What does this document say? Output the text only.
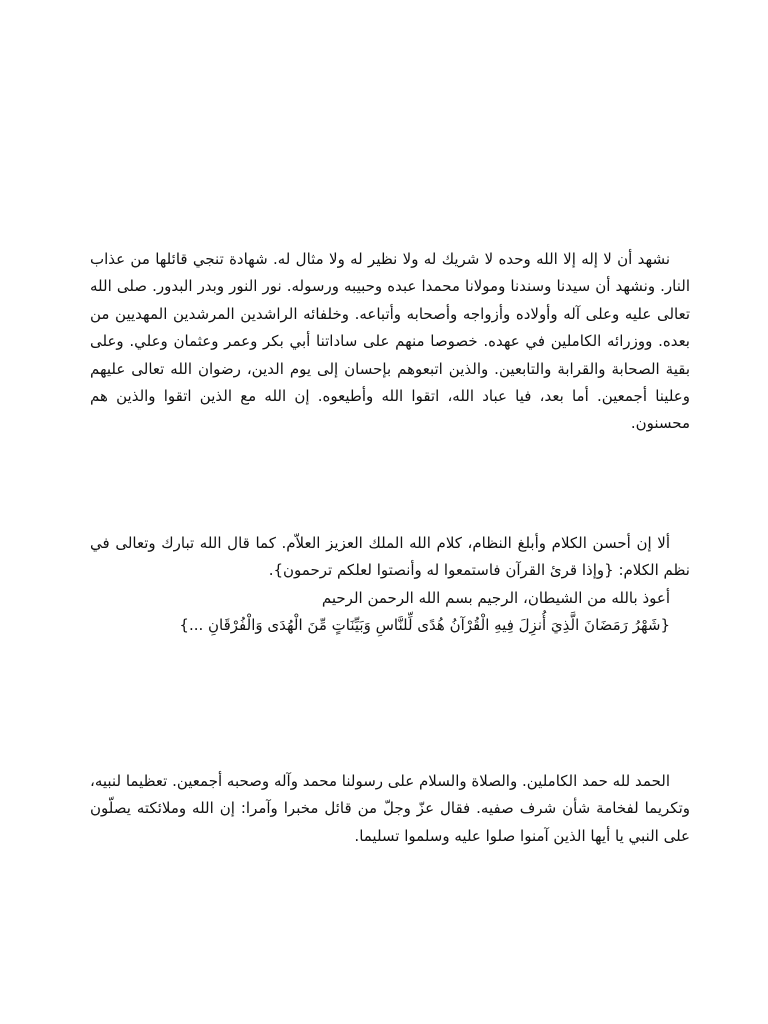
نشهد أن لا إله إلا الله وحده لا شريك له ولا نظير له ولا مثال له. شهادة تنجي قائلها من عذاب النار. ونشهد أن سيدنا وسندنا ومولانا محمدا عبده وحبيبه ورسوله. نور النور وبدر البدور. صلى الله تعالى عليه وعلى آله وأولاده وأزواجه وأصحابه وأتباعه. وخلفائه الراشدين المرشدين المهديين من بعده. ووزرائه الكاملين في عهده. خصوصا منهم على ساداتنا أبي بكر وعمر وعثمان وعلي. وعلى بقية الصحابة والقرابة والتابعين. والذين اتبعوهم بإحسان إلى يوم الدين، رضوان الله تعالى عليهم وعلينا أجمعين. أما بعد، فيا عباد الله، اتقوا الله وأطيعوه. إن الله مع الذين اتقوا والذين هم محسنون.

ألا إن أحسن الكلام وأبلغ النظام، كلام الله الملك العزيز العلاّم. كما قال الله تبارك وتعالى في نظم الكلام: {وإذا قرئ القرآن فاستمعوا له وأنصتوا لعلكم ترحمون}.

أعوذ بالله من الشيطان، الرجيم بسم الله الرحمن الرحيم

{شَهْرُ رَمَضَانَ الَّذِيَ أُنزِلَ فِيهِ الْقُرْآنُ هُدًى لِّلنَّاسِ وَبَيِّنَاتٍ مِّنَ الْهُدَى وَالْفُرْقَانِ ...}

الحمد لله حمد الكاملين. والصلاة والسلام على رسولنا محمد وآله وصحبه أجمعين. تعظيما لنبيه، وتكريما لفخامة شأن شرف صفيه. فقال عزّ وجلّ من قائل مخبرا وآمرا: إن الله وملائكته يصلّون على النبي يا أيها الذين آمنوا صلوا عليه وسلموا تسليما.
